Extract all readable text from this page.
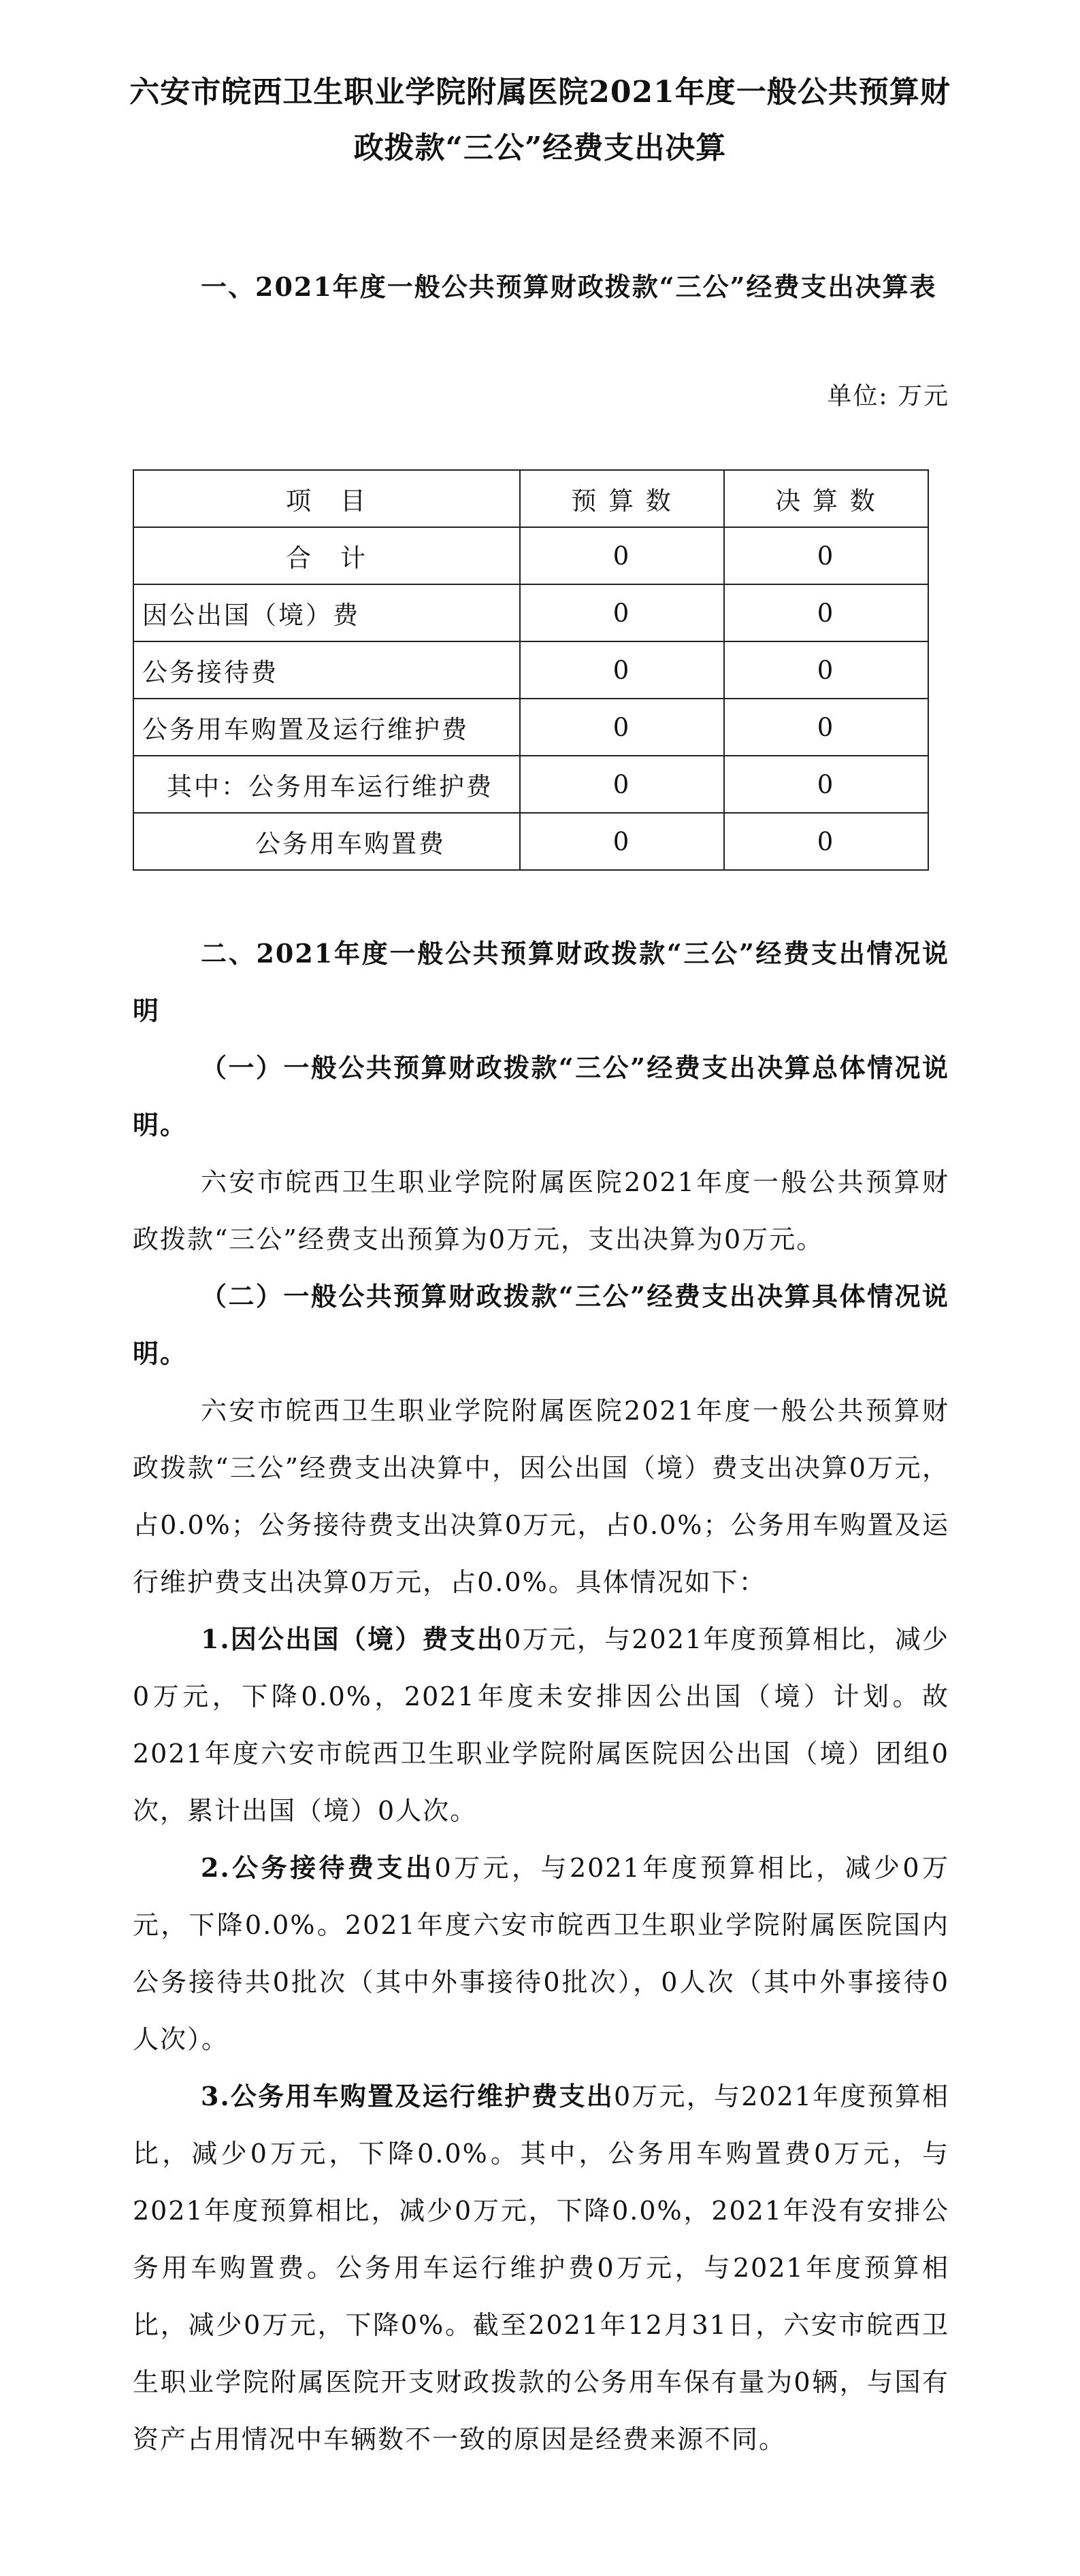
六安市皖西卫生职业学院附属医院2021年度一般公共预算财政拨款“三公”经费支出决算
一、2021年度一般公共预算财政拨款“三公”经费支出决算表
单位: 万元
项　目	预 算 数	决 算 数
合　计	0	0
因公出国（境）费	0	0
公务接待费	0	0
公务用车购置及运行维护费	0	0
其中：公务用车运行维护费	0	0
公务用车购置费	0	0
二、2021年度一般公共预算财政拨款“三公”经费支出情况说明
（一）一般公共预算财政拨款“三公”经费支出决算总体情况说明。
六安市皖西卫生职业学院附属医院2021年度一般公共预算财政拨款“三公”经费支出预算为0万元，支出决算为0万元。
（二）一般公共预算财政拨款“三公”经费支出决算具体情况说明。
六安市皖西卫生职业学院附属医院2021年度一般公共预算财政拨款“三公”经费支出决算中，因公出国（境）费支出决算0万元，占0.0%；公务接待费支出决算0万元，占0.0%；公务用车购置及运行维护费支出决算0万元，占0.0%。具体情况如下：
1.因公出国（境）费支出0万元，与2021年度预算相比，减少0万元，下降0.0%，2021年度未安排因公出国（境）计划。故2021年度六安市皖西卫生职业学院附属医院因公出国（境）团组0次，累计出国（境）0人次。
2.公务接待费支出0万元，与2021年度预算相比，减少0万元，下降0.0%。2021年度六安市皖西卫生职业学院附属医院国内公务接待共0批次（其中外事接待0批次），0人次（其中外事接待0人次）。
3.公务用车购置及运行维护费支出0万元，与2021年度预算相比，减少0万元，下降0.0%。其中，公务用车购置费0万元，与2021年度预算相比，减少0万元，下降0.0%，2021年没有安排公务用车购置费。公务用车运行维护费0万元，与2021年度预算相比，减少0万元，下降0%。截至2021年12月31日，六安市皖西卫生职业学院附属医院开支财政拨款的公务用车保有量为0辆，与国有资产占用情况中车辆数不一致的原因是经费来源不同。
